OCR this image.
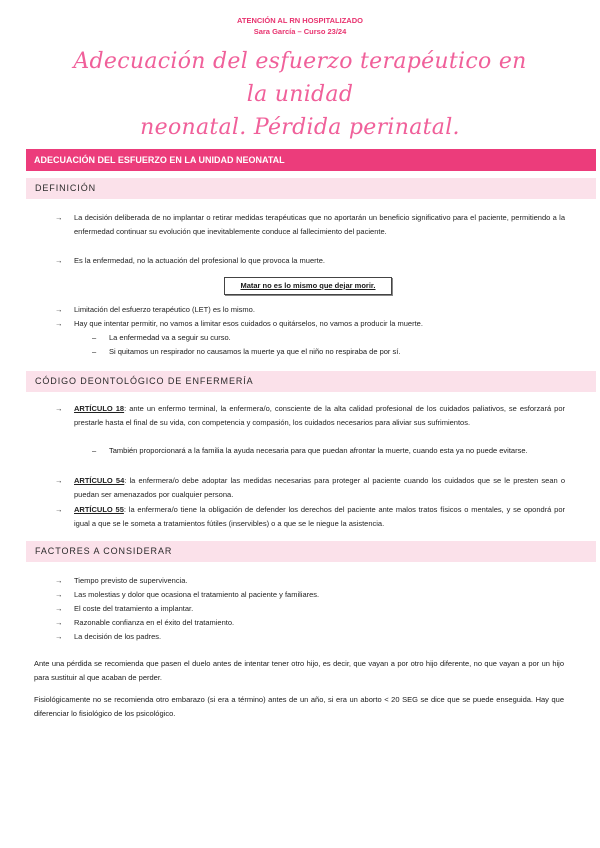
ATENCIÓN AL RN HOSPITALIZADO
Sara García – Curso 23/24
Adecuación del esfuerzo terapéutico en la unidad
neonatal. Pérdida perinatal.
ADECUACIÓN DEL ESFUERZO EN LA UNIDAD NEONATAL
DEFINICIÓN
→ La decisión deliberada de no implantar o retirar medidas terapéuticas que no aportarán un beneficio significativo para el paciente, permitiendo a la enfermedad continuar su evolución que inevitablemente conduce al fallecimiento del paciente.
→ Es la enfermedad, no la actuación del profesional lo que provoca la muerte.
Matar no es lo mismo que dejar morir.
→ Limitación del esfuerzo terapéutico (LET) es lo mismo.
→ Hay que intentar permitir, no vamos a limitar esos cuidados o quitárselos, no vamos a producir la muerte.
– La enfermedad va a seguir su curso.
– Si quitamos un respirador no causamos la muerte ya que el niño no respiraba de por sí.
CÓDIGO DEONTOLÓGICO DE ENFERMERÍA
→ ARTÍCULO 18: ante un enfermo terminal, la enfermera/o, consciente de la alta calidad profesional de los cuidados paliativos, se esforzará por prestarle hasta el final de su vida, con competencia y compasión, los cuidados necesarios para aliviar sus sufrimientos.
– También proporcionará a la familia la ayuda necesaria para que puedan afrontar la muerte, cuando esta ya no puede evitarse.
→ ARTÍCULO 54: la enfermera/o debe adoptar las medidas necesarias para proteger al paciente cuando los cuidados que se le presten sean o puedan ser amenazados por cualquier persona.
→ ARTÍCULO 55: la enfermera/o tiene la obligación de defender los derechos del paciente ante malos tratos físicos o mentales, y se opondrá por igual a que se le someta a tratamientos fútiles (inservibles) o a que se le niegue la asistencia.
FACTORES A CONSIDERAR
→ Tiempo previsto de supervivencia.
→ Las molestias y dolor que ocasiona el tratamiento al paciente y familiares.
→ El coste del tratamiento a implantar.
→ Razonable confianza en el éxito del tratamiento.
→ La decisión de los padres.
Ante una pérdida se recomienda que pasen el duelo antes de intentar tener otro hijo, es decir, que vayan a por otro hijo diferente, no que vayan a por un hijo para sustituir al que acaban de perder.
Fisiológicamente no se recomienda otro embarazo (si era a término) antes de un año, si era un aborto < 20 SEG se dice que se puede enseguida. Hay que diferenciar lo fisiológico de los psicológico.
